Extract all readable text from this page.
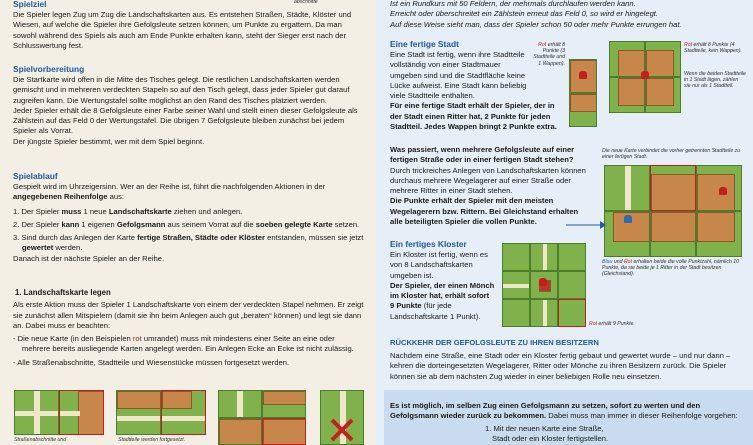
Spielziel

Die Spieler legen Zug um Zug die Landschaftskarten aus. Es entstehen Straßen, Städte, Klöster und Wiesen, auf welche die Spieler ihre Gefolgsleute setzen können, um Punkte zu ergattern. Da man sowohl während des Spiels als auch am Ende Punkte erhalten kann, steht der Sieger erst nach der Schlusswertung fest.

abschnitte
Spielvorbereitung

Die Startkarte wird offen in die Mitte des Tisches gelegt. Die restlichen Landschaftskarten werden gemischt und in mehreren verdeckten Stapeln so auf den Tisch gelegt, dass jeder Spieler gut darauf zugreifen kann. Die Wertungstafel sollte möglichst an den Rand des Tisches platziert werden.

Jeder Spieler erhält die 8 Gefolgsleute einer Farbe seiner Wahl und stellt einen dieser Gefolgsleute als Zählstein auf das Feld 0 der Wertungstafel. Die übrigen 7 Gefolgsleute bleiben zunächst bei jedem Spieler als Vorrat.

Der jüngste Spieler bestimmt, wer mit dem Spiel beginnt.

Spielablauf

Gespielt wird im Uhrzeigersinn. Wer an der Reihe ist, führt die nachfolgenden Aktionen in der angegebenen Reihenfolge aus:

1. Der Spieler muss 1 neue Landschaftskarte ziehen und anlegen.

2. Der Spieler kann 1 eigenen Gefolgsmann aus seinem Vorrat auf die soeben gelegte Karte setzen.

3. Sind durch das Anlegen der Karte fertige Straßen, Städte oder Klöster entstanden, müssen sie jetzt gewertet werden.

Danach ist der nächste Spieler an der Reihe.

1. Landschaftskarte legen

Als erste Aktion muss der Spieler 1 Landschaftskarte von einem der verdeckten Stapel nehmen. Er zeigt sie zunächst allen Mitspielern (damit sie ihn beim Anlegen auch gut „beraten“ können) und legt sie dann an. Dabei muss er beachten:

- Die neue Karte (in den Beispielen rot umrandet) muss mit mindestens einer Seite an eine oder mehrere bereits ausliegende Karten angelegt werden. Ein Anlegen Ecke an Ecke ist nicht zulässig.

- Alle Straßenabschnitte, Stadtteile und Wiesenstücke müssen fortgesetzt werden.

Straßenabschnitte und	Stadtteile werden fortgesetzt.

Ist ein Rundkurs mit 50 Feldern, der mehrmals durchlaufen werden kann.

Erreicht oder überschreitet ein Zählstein erneut das Feld 0, so wird er hingelegt.

Auf diese Weise sieht man, dass der Spieler schon 50 oder mehr Punkte errungen hat.

Eine fertige Stadt

Eine Stadt ist fertig, wenn ihre Stadtteile vollständig von einer Stadtmauer umgeben sind und die Stadtfläche keine Lücke aufweist. Eine Stadt kann beliebig viele Stadtteile enthalten.

Für eine fertige Stadt erhält der Spieler, der in der Stadt einen Ritter hat, 2 Punkte für jeden Stadtteil. Jedes Wappen bringt 2 Punkte extra.

Rot erhält 8 Punkte (3 Stadtteile und 1 Wappen).
Rot erhält 8 Punkte (4 Stadtteile, kein Wappen).
Wenn die beiden Stadtteile in 1 Stadt lägen, zählen sie nur als 1 Stadtteil.

Was passiert, wenn mehrere Gefolgsleute auf einer fertigen Straße oder in einer fertigen Stadt stehen?

Durch trickreiches Anlegen von Landschaftskarten können durchaus mehrere Wegelagerer auf einer Straße oder mehrere Ritter in einer Stadt stehen.

Die Punkte erhält der Spieler mit den meisten Wegelagerern bzw. Rittern. Bei Gleichstand erhalten alle beteiligten Spieler die vollen Punkte.

Die neue Karte verbindet die vorher getrennten Stadtteile zu einer fertigen Stadt.
Blau und Rot erhalten beide die volle Punktzahl, nämlich 10 Punkte, da sie beide je 1 Ritter in der Stadt besitzen (Gleichstand).
Ein fertiges Kloster

Ein Kloster ist fertig, wenn es von 8 Landschaftskarten umgeben ist.

Der Spieler, der einen Mönch im Kloster hat, erhält sofort 9 Punkte (für jede Landschaftskarte 1 Punkt).

Rot erhält 9 Punkte.
RÜCKKEHR DER GEFOLGSLEUTE ZU IHREN BESITZERN

Nachdem eine Straße, eine Stadt oder ein Kloster fertig gebaut und gewertet wurde – und nur dann – kehren die dorteingesetzten Wegelagerer, Ritter oder Mönche zu ihren Besitzern zurück. Die Spieler können sie ab dem nächsten Zug wieder in einer beliebigen Rolle neu einsetzen.

Es ist möglich, im selben Zug einen Gefolgsmann zu setzen, sofort zu werten und den Gefolgsmann wieder zurück zu bekommen. Dabei muss man immer in dieser Reihenfolge vorgehen:

1. Mit der neuen Karte eine Straße,

Stadt oder ein Kloster fertigstellen.
